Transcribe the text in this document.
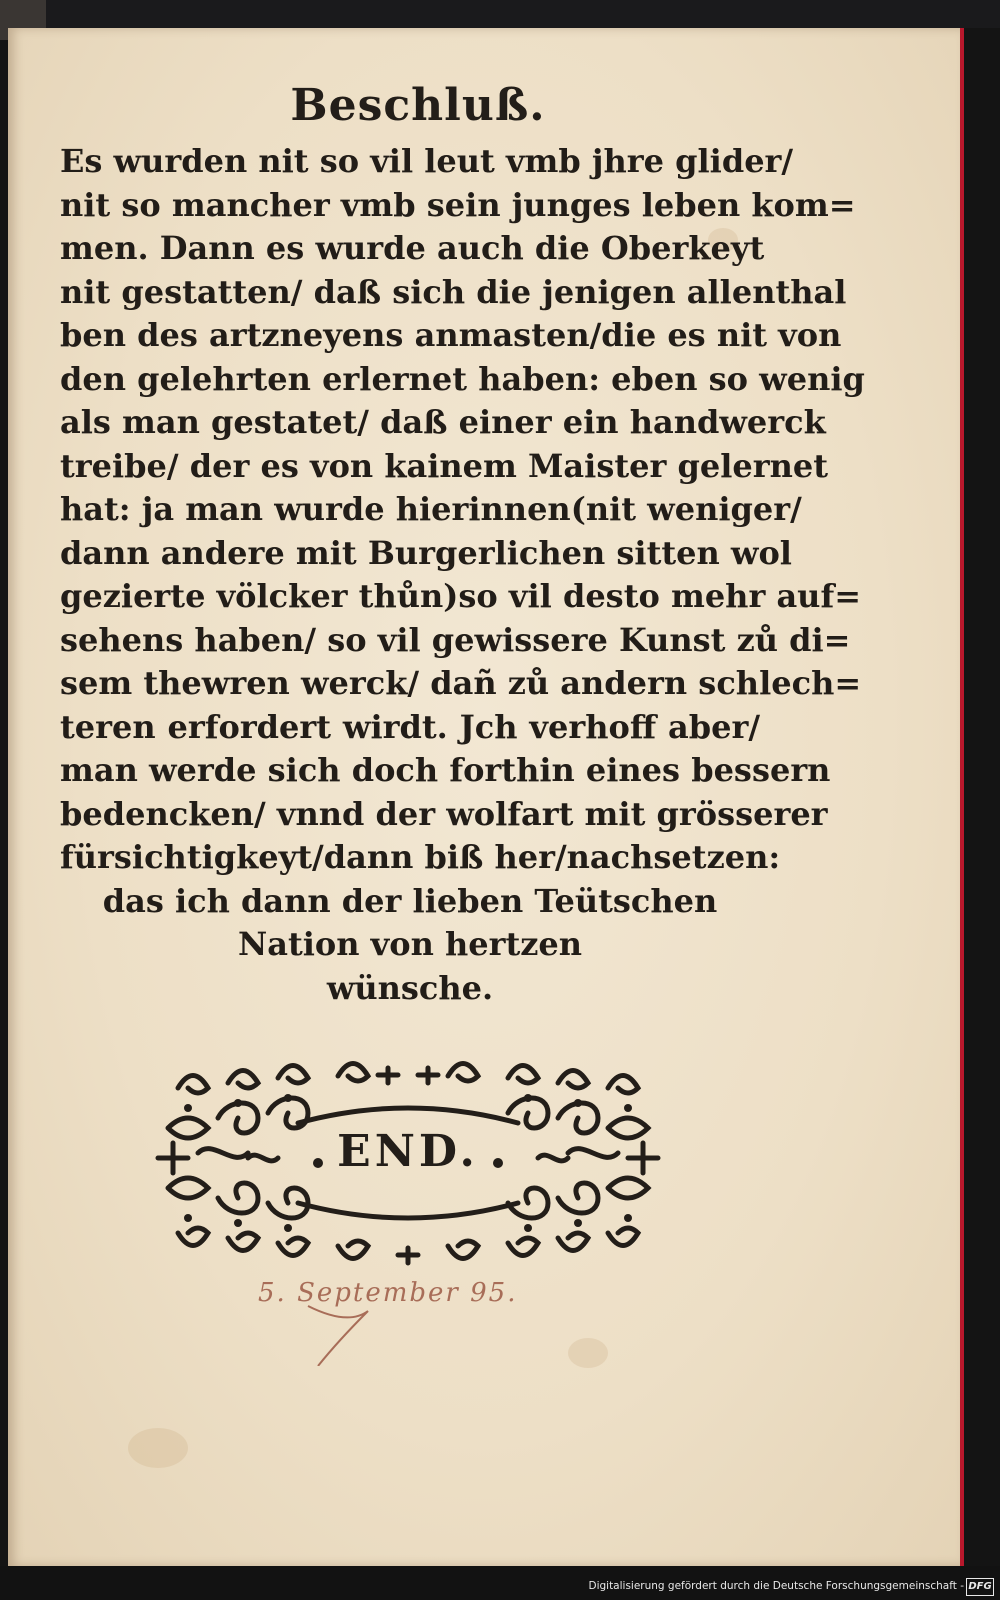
Beschluß.
Es wurden nit so vil leut vmb jhre glider/
nit so mancher vmb sein junges leben kom=
men. Dann es wurde auch die Oberkeyt
nit gestatten/ daß sich die jenigen allenthal
ben des artzneyens anmasten/die es nit von
den gelehrten erlernet haben: eben so wenig
als man gestatet/ daß einer ein handwerck
treibe/ der es von kainem Maister gelernet
hat: ja man wurde hierinnen(nit weniger/
dann andere mit Burgerlichen sitten wol
gezierte völcker thůn)so vil desto mehr auf=
sehens haben/ so vil gewissere Kunst zů di=
sem thewren werck/ dañ zů andern schlech=
teren erfordert wirdt. Jch verhoff aber/
man werde sich doch forthin eines bessern
bedencken/ vnnd der wolfart mit grösserer
fürsichtigkeyt/dann biß her/nachsetzen:
das ich dann der lieben Teütschen
Nation von hertzen
wünsche.
END.
5. September 95.
Digitalisierung gefördert durch die Deutsche Forschungsgemeinschaft - DFG
